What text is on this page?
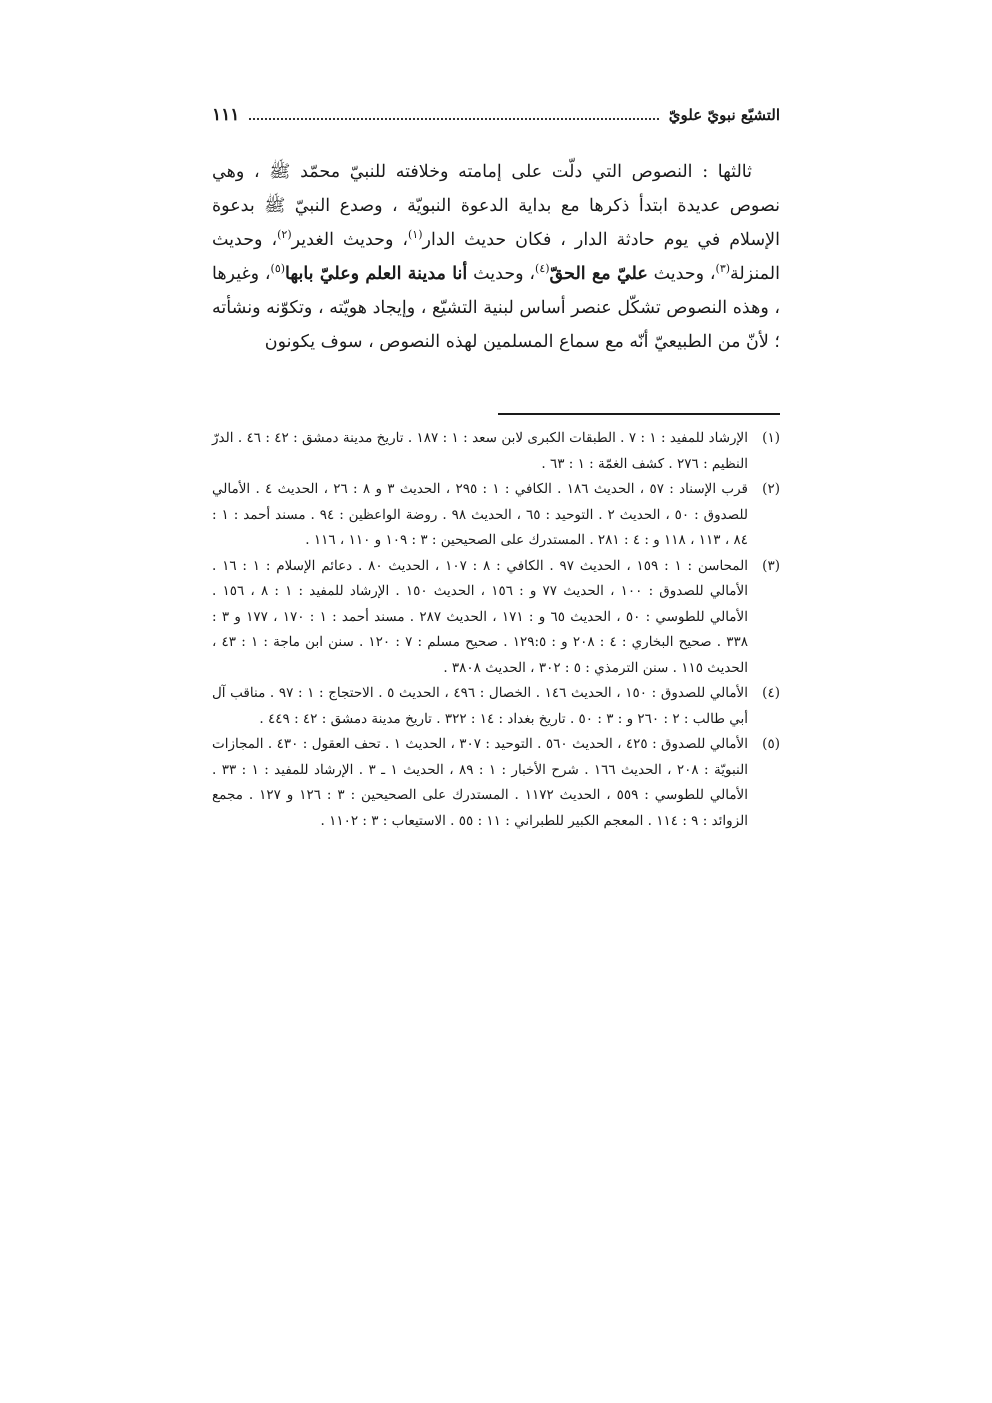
التشيّع نبويّ علويّ
١١١

ثالثها : النصوص التي دلّت على إمامته وخلافته للنبيّ محمّد ﷺ ، وهي نصوص عديدة ابتدأ ذكرها مع بداية الدعوة النبويّة ، وصدع النبيّ ﷺ بدعوة الإسلام في يوم حادثة الدار ، فكان حديث الدار$^{(١)}$، وحديث الغدير$^{(٢)}$، وحديث المنزلة$^{(٣)}$، وحديث عليّ مع الحقّ$^{(٤)}$، وحديث أنا مدينة العلم وعليّ بابها$^{(٥)}$، وغيرها ، وهذه النصوص تشكّل عنصر أساس لبنية التشيّع ، وإيجاد هويّته ، وتكوّنه ونشأته ؛ لأنّ من الطبيعيّ أنّه مع سماع المسلمين لهذه النصوص ، سوف يكونون

(١)
الإرشاد للمفيد : ١ : ٧ . الطبقات الكبرى لابن سعد : ١ : ١٨٧ . تاريخ مدينة دمشق : ٤٢ : ٤٦ . الدرّ النظيم : ٢٧٦ . كشف الغمّة : ١ : ٦٣ .
(٢)
قرب الإسناد : ٥٧ ، الحديث ١٨٦ . الكافي : ١ : ٢٩٥ ، الحديث ٣ و ٨ : ٢٦ ، الحديث ٤ . الأمالي للصدوق : ٥٠ ، الحديث ٢ . التوحيد : ٦٥ ، الحديث ٩٨ . روضة الواعظين : ٩٤ . مسند أحمد : ١ : ٨٤ ، ١١٣ ، ١١٨ و : ٤ : ٢٨١ . المستدرك على الصحيحين : ٣ : ١٠٩ و ١١٠ ، ١١٦ .
(٣)
المحاسن : ١ : ١٥٩ ، الحديث ٩٧ . الكافي : ٨ : ١٠٧ ، الحديث ٨٠ . دعائم الإسلام : ١ : ١٦ . الأمالي للصدوق : ١٠٠ ، الحديث ٧٧ و : ١٥٦ ، الحديث ١٥٠ . الإرشاد للمفيد : ١ : ٨ ، ١٥٦ . الأمالي للطوسي : ٥٠ ، الحديث ٦٥ و : ١٧١ ، الحديث ٢٨٧ . مسند أحمد : ١ : ١٧٠ ، ١٧٧ و ٣ : ٣٣٨ . صحيح البخاري : ٤ : ٢٠٨ و : ١٢٩:٥ . صحيح مسلم : ٧ : ١٢٠ . سنن ابن ماجة : ١ : ٤٣ ، الحديث ١١٥ . سنن الترمذي : ٥ : ٣٠٢ ، الحديث ٣٨٠٨ .
(٤)
الأمالي للصدوق : ١٥٠ ، الحديث ١٤٦ . الخصال : ٤٩٦ ، الحديث ٥ . الاحتجاج : ١ : ٩٧ . مناقب آل أبي طالب : ٢ : ٢٦٠ و : ٣ : ٥٠ . تاريخ بغداد : ١٤ : ٣٢٢ . تاريخ مدينة دمشق : ٤٢ : ٤٤٩ .
(٥)
الأمالي للصدوق : ٤٢٥ ، الحديث ٥٦٠ . التوحيد : ٣٠٧ ، الحديث ١ . تحف العقول : ٤٣٠ . المجازات النبويّة : ٢٠٨ ، الحديث ١٦٦ . شرح الأخبار : ١ : ٨٩ ، الحديث ١ ـ ٣ . الإرشاد للمفيد : ١ : ٣٣ . الأمالي للطوسي : ٥٥٩ ، الحديث ١١٧٢ . المستدرك على الصحيحين : ٣ : ١٢٦ و ١٢٧ . مجمع الزوائد : ٩ : ١١٤ . المعجم الكبير للطبراني : ١١ : ٥٥ . الاستيعاب : ٣ : ١١٠٢ .
